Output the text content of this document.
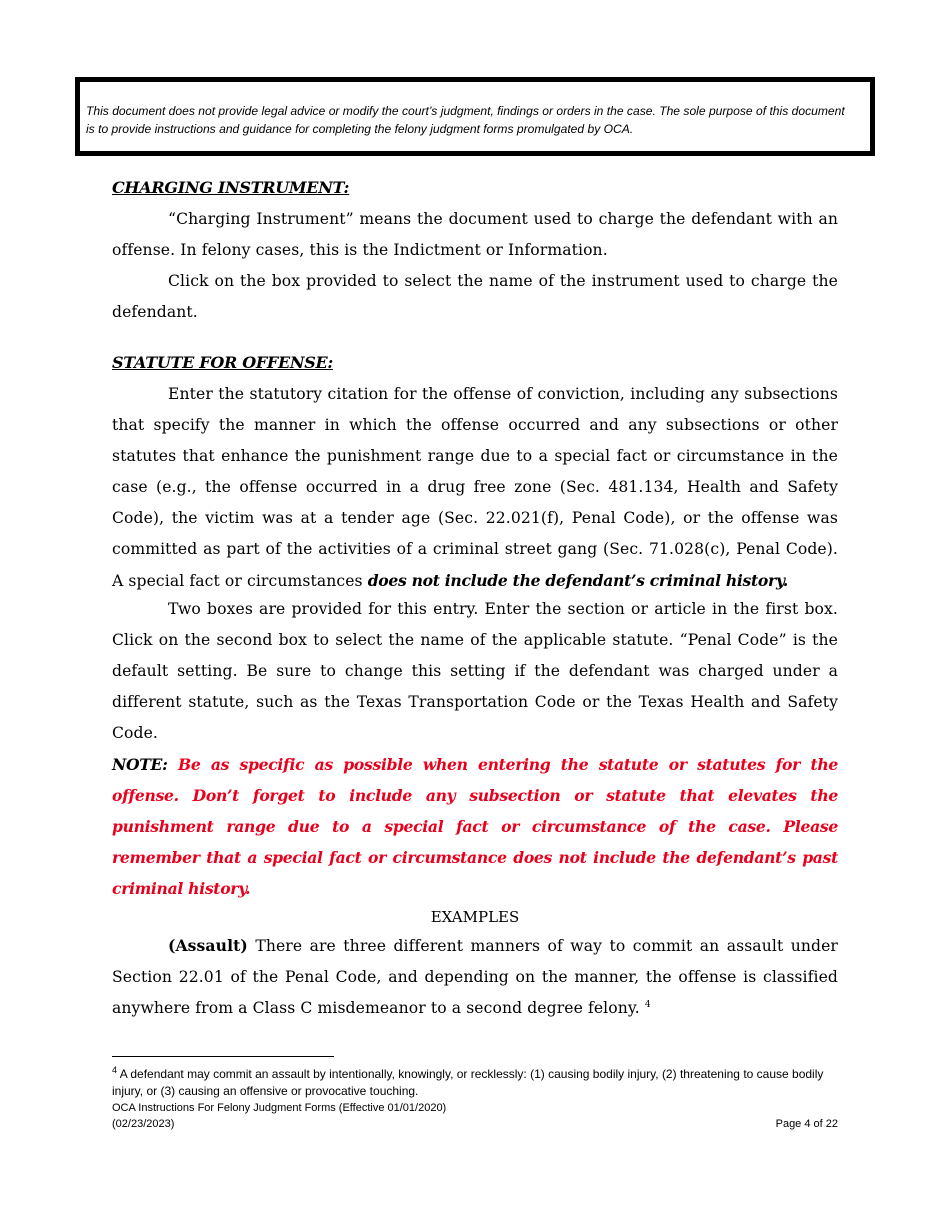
This document does not provide legal advice or modify the court’s judgment, findings or orders in the case. The sole purpose of this document is to provide instructions and guidance for completing the felony judgment forms promulgated by OCA.

CHARGING INSTRUMENT:

“Charging Instrument” means the document used to charge the defendant with an offense. In felony cases, this is the Indictment or Information.

Click on the box provided to select the name of the instrument used to charge the defendant.

STATUTE FOR OFFENSE:

Enter the statutory citation for the offense of conviction, including any subsections that specify the manner in which the offense occurred and any subsections or other statutes that enhance the punishment range due to a special fact or circumstance in the case (e.g., the offense occurred in a drug free zone (Sec. 481.134, Health and Safety Code), the victim was at a tender age (Sec. 22.021(f), Penal Code), or the offense was committed as part of the activities of a criminal street gang (Sec. 71.028(c), Penal Code). A special fact or circumstances does not include the defendant’s criminal history.

Two boxes are provided for this entry. Enter the section or article in the first box. Click on the second box to select the name of the applicable statute. “Penal Code” is the default setting. Be sure to change this setting if the defendant was charged under a different statute, such as the Texas Transportation Code or the Texas Health and Safety Code.

NOTE: Be as specific as possible when entering the statute or statutes for the offense. Don’t forget to include any subsection or statute that elevates the punishment range due to a special fact or circumstance of the case. Please remember that a special fact or circumstance does not include the defendant’s past criminal history.

EXAMPLES

(Assault) There are three different manners of way to commit an assault under Section 22.01 of the Penal Code, and depending on the manner, the offense is classified anywhere from a Class C misdemeanor to a second degree felony. $^4$

$^4$ A defendant may commit an assault by intentionally, knowingly, or recklessly: (1) causing bodily injury, (2) threatening to cause bodily injury, or (3) causing an offensive or provocative touching.

OCA Instructions For Felony Judgment Forms (Effective 01/01/2020)
(02/23/2023)	Page 4 of 22
